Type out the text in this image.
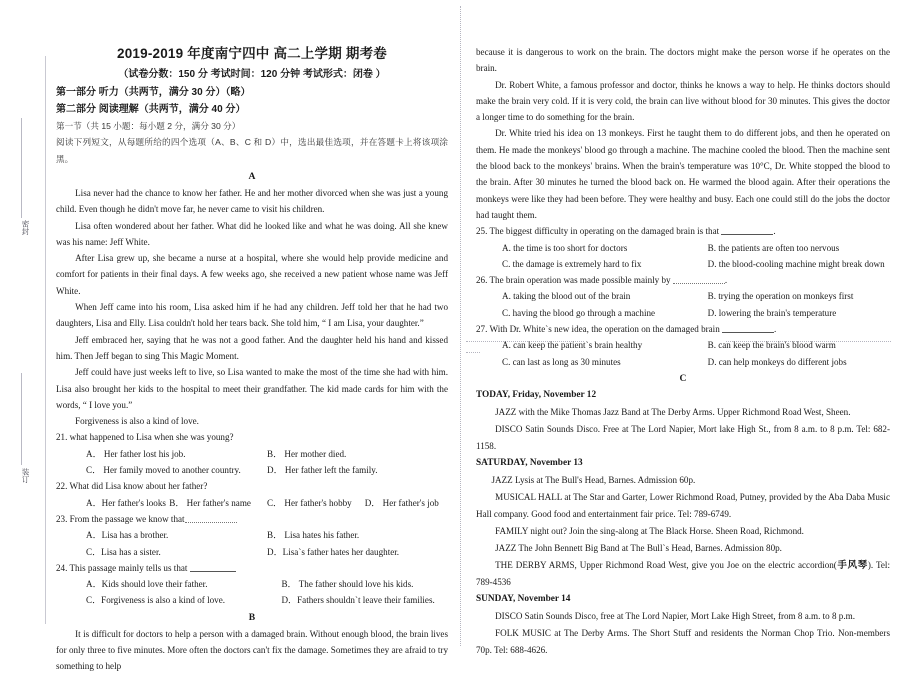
密封
装订
2019-2019 年度南宁四中 高二上学期 期考卷
（试卷分数：150 分 考试时间：120 分钟 考试形式：闭卷 ）
第一部分 听力（共两节，满分 30 分）（略）
第二部分 阅读理解（共两节，满分 40 分）
第一节（共 15 小题：每小题 2 分，满分 30 分）
阅读下列短文，从每题所给的四个选项（A、B、C 和 D）中，选出最佳选项，并在答题卡上将该项涂黑。
A

Lisa never had the chance to know her father. He and her mother divorced when she was just a young child. Even though he didn't move far, he never came to visit his children.

Lisa often wondered about her father. What did he looked like and what he was doing. All she knew was his name: Jeff White.

After Lisa grew up, she became a nurse at a hospital, where she would help provide medicine and comfort for patients in their final days. A few weeks ago, she received a new patient whose name was Jeff White.

When Jeff came into his room, Lisa asked him if he had any children. Jeff told her that he had two daughters, Lisa and Elly. Lisa couldn't hold her tears back. She told him, “ I am Lisa, your daughter.”

Jeff embraced her, saying that he was not a good father. And the daughter held his hand and kissed him. Then Jeff began to sing This Magic Moment.

Jeff could have just weeks left to live, so Lisa wanted to make the most of the time she had with him. Lisa also brought her kids to the hospital to meet their grandfather. The kid made cards for him with the words, “ I love you.”

Forgiveness is also a kind of love.

21. what happened to Lisa when she was young?

A． Her father lost his job.	B． Her mother died.
C． Her family moved to another country.	D． Her father left the family.

22. What did Lisa know about her father?

A．Her father's looks B． Her father's name	C． Her father's hobby	D． Her father's job

23. From the passage we know that

A．Lisa has a brother.	B． Lisa hates his father.
C．Lisa has a sister.	D．Lisa`s father hates her daughter.

24. This passage mainly tells us that

A．Kids should love their father.	B． The father should love his kids.
C．Forgiveness is also a kind of love.	D．Fathers shouldn`t leave their families.
B

It is difficult for doctors to help a person with a damaged brain. Without enough blood, the brain lives for only three to five minutes. More often the doctors can't fix the damage. Sometimes they are afraid to try something to help

because it is dangerous to work on the brain. The doctors might make the person worse if he operates on the brain.

Dr. Robert White, a famous professor and doctor, thinks he knows a way to help. He thinks doctors should make the brain very cold. If it is very cold, the brain can live without blood for 30 minutes. This gives the doctor a longer time to do something for the brain.

Dr. White tried his idea on 13 monkeys. First he taught them to do different jobs, and then he operated on them. He made the monkeys' blood go through a machine. The machine cooled the blood. Then the machine sent the blood back to the monkeys' brains. When the brain's temperature was 10°C, Dr. White stopped the blood to the brain. After 30 minutes he turned the blood back on. He warmed the blood again. After their operations the monkeys were like they had been before. They were healthy and busy. Each one could still do the jobs the doctor had taught them.

25. The biggest difficulty in operating on the damaged brain is that	.

A. the time is too short for doctors	B. the patients are often too nervous
C. the damage is extremely hard to fix	D. the blood-cooling machine might break down

26. The brain operation was made possible mainly by	.

A. taking the blood out of the brain	B. trying the operation on monkeys first
C. having the blood go through a machine	D. lowering the brain's temperature

27. With Dr. White`s new idea, the operation on the damaged brain	.

A. can keep the patient`s brain healthy	B. can keep the brain's blood warm
C. can last as long as 30 minutes	D. can help monkeys do different jobs
C

TODAY, Friday, November 12

JAZZ with the Mike Thomas Jazz Band at The Derby Arms. Upper Richmond Road West, Sheen.

DISCO Satin Sounds Disco. Free at The Lord Napier, Mort lake High St., from 8 a.m. to 8 p.m. Tel: 682-1158.

SATURDAY, November 13

JAZZ Lysis at The Bull's Head, Barnes. Admission 60p.

MUSICAL HALL at The Star and Garter, Lower Richmond Road, Putney, provided by the Aba Daba Music Hall company. Good food and entertainment fair price. Tel: 789-6749.

FAMILY night out? Join the sing-along at The Black Horse. Sheen Road, Richmond.

JAZZ The John Bennett Big Band at The Bull`s Head, Barnes. Admission 80p.

THE DERBY ARMS, Upper Richmond Road West, give you Joe on the electric accordion(手风琴). Tel: 789-4536

SUNDAY, November 14

DISCO Satin Sounds Disco, free at The Lord Napier, Mort Lake High Street, from 8 a.m. to 8 p.m.

FOLK MUSIC at The Derby Arms. The Short Stuff and residents the Norman Chop Trio. Non-members 70p. Tel: 688-4626.
